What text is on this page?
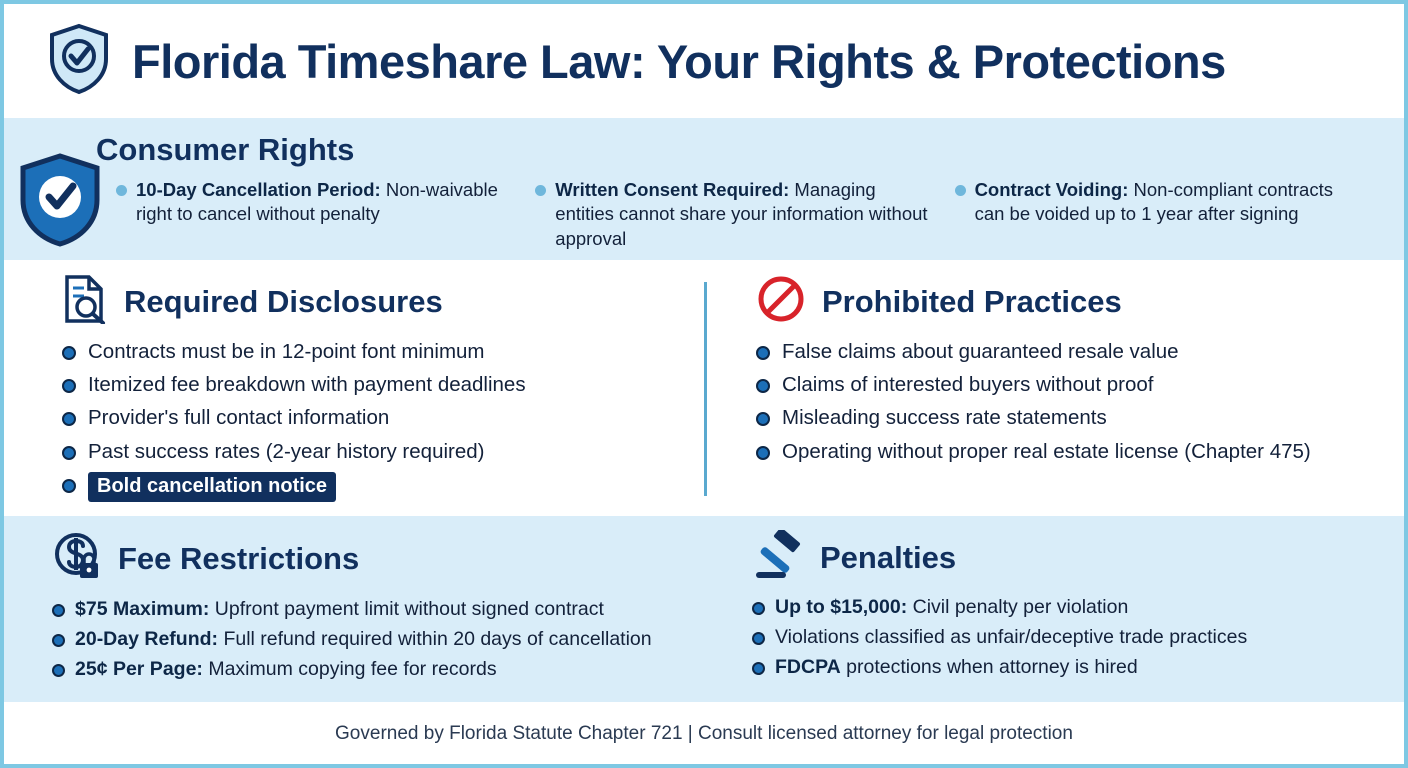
Florida Timeshare Law: Your Rights & Protections
Consumer Rights
10-Day Cancellation Period: Non-waivable right to cancel without penalty
Written Consent Required: Managing entities cannot share your information without approval
Contract Voiding: Non-compliant contracts can be voided up to 1 year after signing
Required Disclosures
Contracts must be in 12-point font minimum
Itemized fee breakdown with payment deadlines
Provider's full contact information
Past success rates (2-year history required)
Bold cancellation notice
Prohibited Practices
False claims about guaranteed resale value
Claims of interested buyers without proof
Misleading success rate statements
Operating without proper real estate license (Chapter 475)
Fee Restrictions
$75 Maximum: Upfront payment limit without signed contract
20-Day Refund: Full refund required within 20 days of cancellation
25¢ Per Page: Maximum copying fee for records
Penalties
Up to $15,000: Civil penalty per violation
Violations classified as unfair/deceptive trade practices
FDCPA protections when attorney is hired
Governed by Florida Statute Chapter 721 | Consult licensed attorney for legal protection
